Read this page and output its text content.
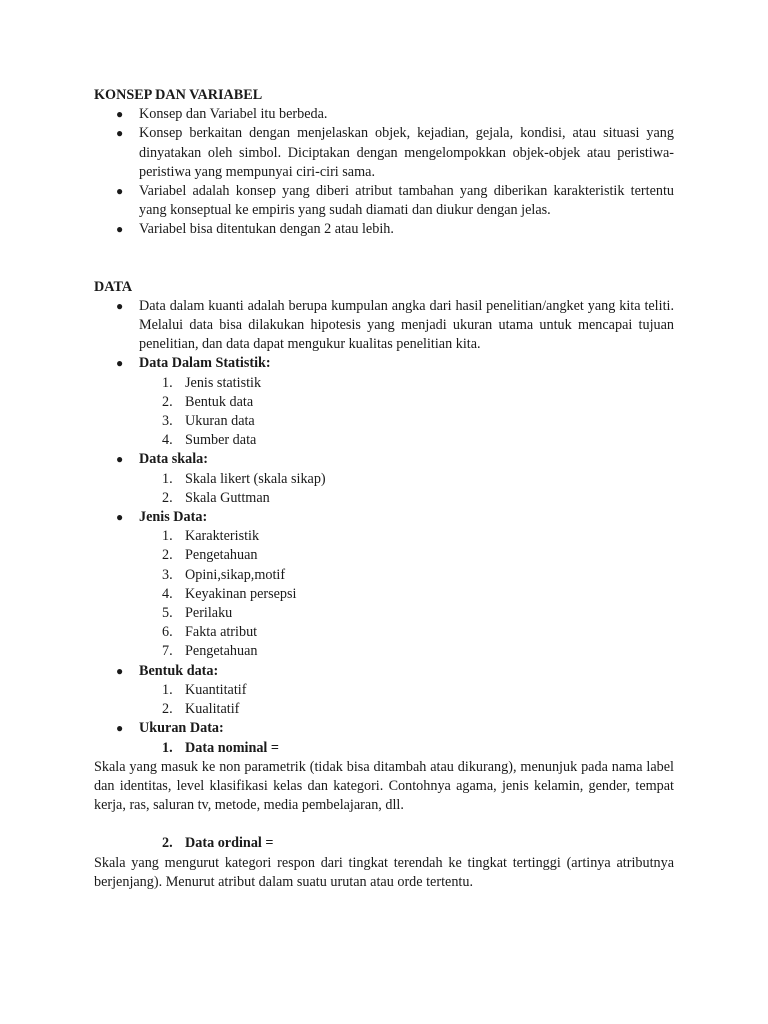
KONSEP DAN VARIABEL

● Konsep dan Variabel itu berbeda.
● Konsep berkaitan dengan menjelaskan objek, kejadian, gejala, kondisi, atau situasi yang dinyatakan oleh simbol. Diciptakan dengan mengelompokkan objek-objek atau peristiwa-peristiwa yang mempunyai ciri-ciri sama.
● Variabel adalah konsep yang diberi atribut tambahan yang diberikan karakteristik tertentu yang konseptual ke empiris yang sudah diamati dan diukur dengan jelas.
● Variabel bisa ditentukan dengan 2 atau lebih.

DATA

● Data dalam kuanti adalah berupa kumpulan angka dari hasil penelitian/angket yang kita teliti. Melalui data bisa dilakukan hipotesis yang menjadi ukuran utama untuk mencapai tujuan penelitian, dan data dapat mengukur kualitas penelitian kita.
● Data Dalam Statistik:
1. Jenis statistik
2. Bentuk data
3. Ukuran data
4. Sumber data
● Data skala:
1. Skala likert (skala sikap)
2. Skala Guttman
● Jenis Data:
1. Karakteristik
2. Pengetahuan
3. Opini,sikap,motif
4. Keyakinan persepsi
5. Perilaku
6. Fakta atribut
7. Pengetahuan
● Bentuk data:
1. Kuantitatif
2. Kualitatif
● Ukuran Data:
1. Data nominal =

Skala yang masuk ke non parametrik (tidak bisa ditambah atau dikurang), menunjuk pada nama label dan identitas, level klasifikasi kelas dan kategori. Contohnya agama, jenis kelamin, gender, tempat kerja, ras, saluran tv, metode, media pembelajaran, dll.

2. Data ordinal =

Skala yang mengurut kategori respon dari tingkat terendah ke tingkat tertinggi (artinya atributnya berjenjang). Menurut atribut dalam suatu urutan atau orde tertentu.
